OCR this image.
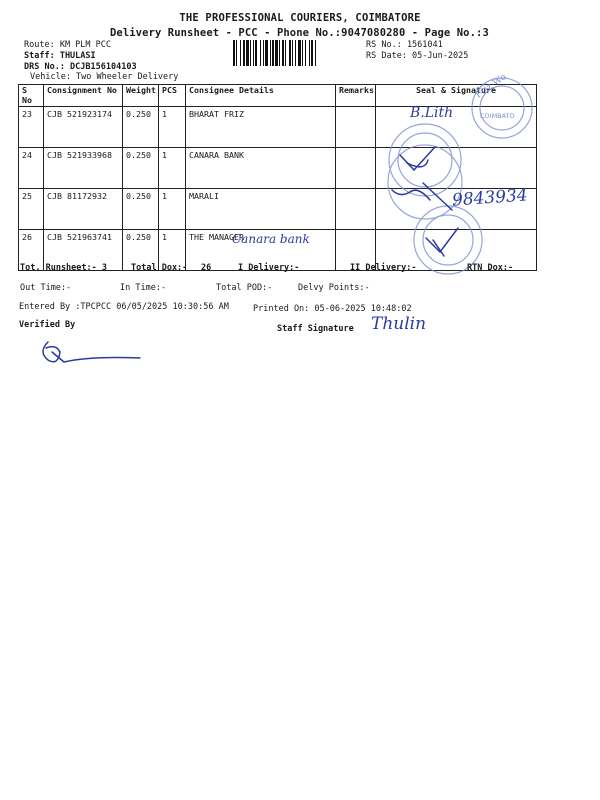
THE PROFESSIONAL COURIERS, COIMBATORE
Delivery Runsheet - PCC - Phone No.:9047080280 - Page No.:3
Route: KM PLM PCC
Staff: THULASI
DRS No.: DCJB156104103
Vehicle: Two Wheeler Delivery
RS No.: 1561041
RS Date: 05-Jun-2025
S No	Consignment No	Weight	PCS	Consignee Details	Remarks	Seal & Signature
23	CJB 521923174	0.250	1	BHARAT FRIZ		
24	CJB 521933968	0.250	1	CANARA BANK		
25	CJB 81172932	0.250	1	MARALI		
26	CJB 521963741	0.250	1	THE MANAGER		
Friz Wo
COIMBATO
B.Lith
9843934
Canara bank
Tot. Runsheet:- 3	Total Dox:- 26	I Delivery:-	II Delivery:-	RTN Dox:-
Out Time:-	In Time:-	Total POD:-	Delvy Points:-
Entered By :TPCPCC 06/05/2025 10:30:56 AM	Printed On: 05-06-2025 10:48:02
Verified By	Staff Signature Thulin
